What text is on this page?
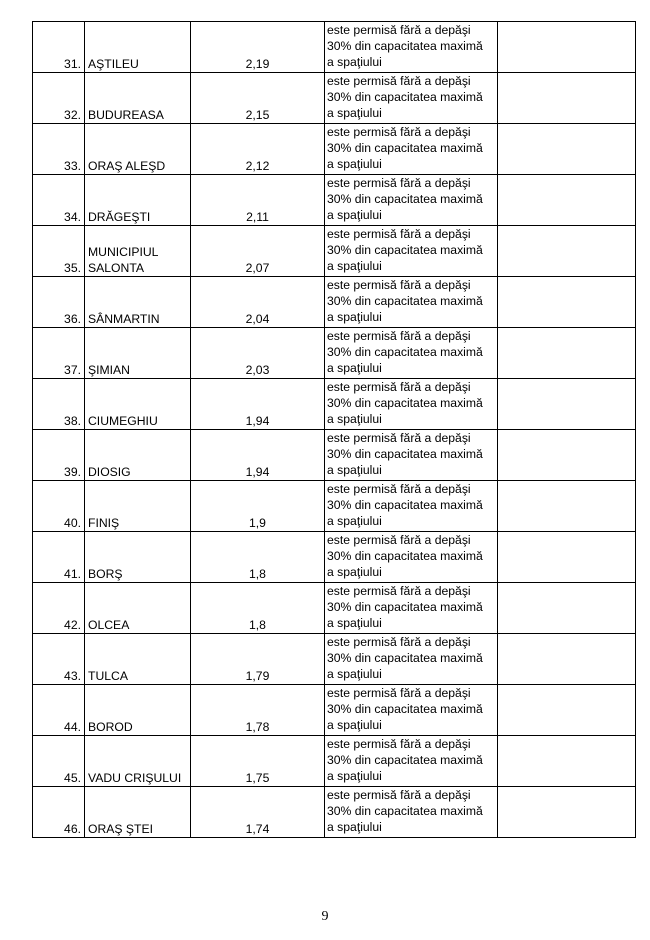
31.	AŞTILEU	2,19	este permisă fără a depăşi
30% din capacitatea maximă
a spaţiului	

32.	BUDUREASA	2,15	este permisă fără a depăşi
30% din capacitatea maximă
a spaţiului	

33.	ORAŞ ALEŞD	2,12	este permisă fără a depăşi
30% din capacitatea maximă
a spaţiului	

34.	DRĂGEŞTI	2,11	este permisă fără a depăşi
30% din capacitatea maximă
a spaţiului	

35.	MUNICIPIUL SALONTA	2,07	este permisă fără a depăşi
30% din capacitatea maximă
a spaţiului	

36.	SÂNMARTIN	2,04	este permisă fără a depăşi
30% din capacitatea maximă
a spaţiului	

37.	ŞIMIAN	2,03	este permisă fără a depăşi
30% din capacitatea maximă
a spaţiului	

38.	CIUMEGHIU	1,94	este permisă fără a depăşi
30% din capacitatea maximă
a spaţiului	

39.	DIOSIG	1,94	este permisă fără a depăşi
30% din capacitatea maximă
a spaţiului	

40.	FINIŞ	1,9	este permisă fără a depăşi
30% din capacitatea maximă
a spaţiului	

41.	BORŞ	1,8	este permisă fără a depăşi
30% din capacitatea maximă
a spaţiului	

42.	OLCEA	1,8	este permisă fără a depăşi
30% din capacitatea maximă
a spaţiului	

43.	TULCA	1,79	este permisă fără a depăşi
30% din capacitatea maximă
a spaţiului	

44.	BOROD	1,78	este permisă fără a depăşi
30% din capacitatea maximă
a spaţiului	

45.	VADU CRIŞULUI	1,75	este permisă fără a depăşi
30% din capacitatea maximă
a spaţiului	

46.	ORAŞ ŞTEI	1,74	este permisă fără a depăşi
30% din capacitatea maximă
a spaţiului	

9
